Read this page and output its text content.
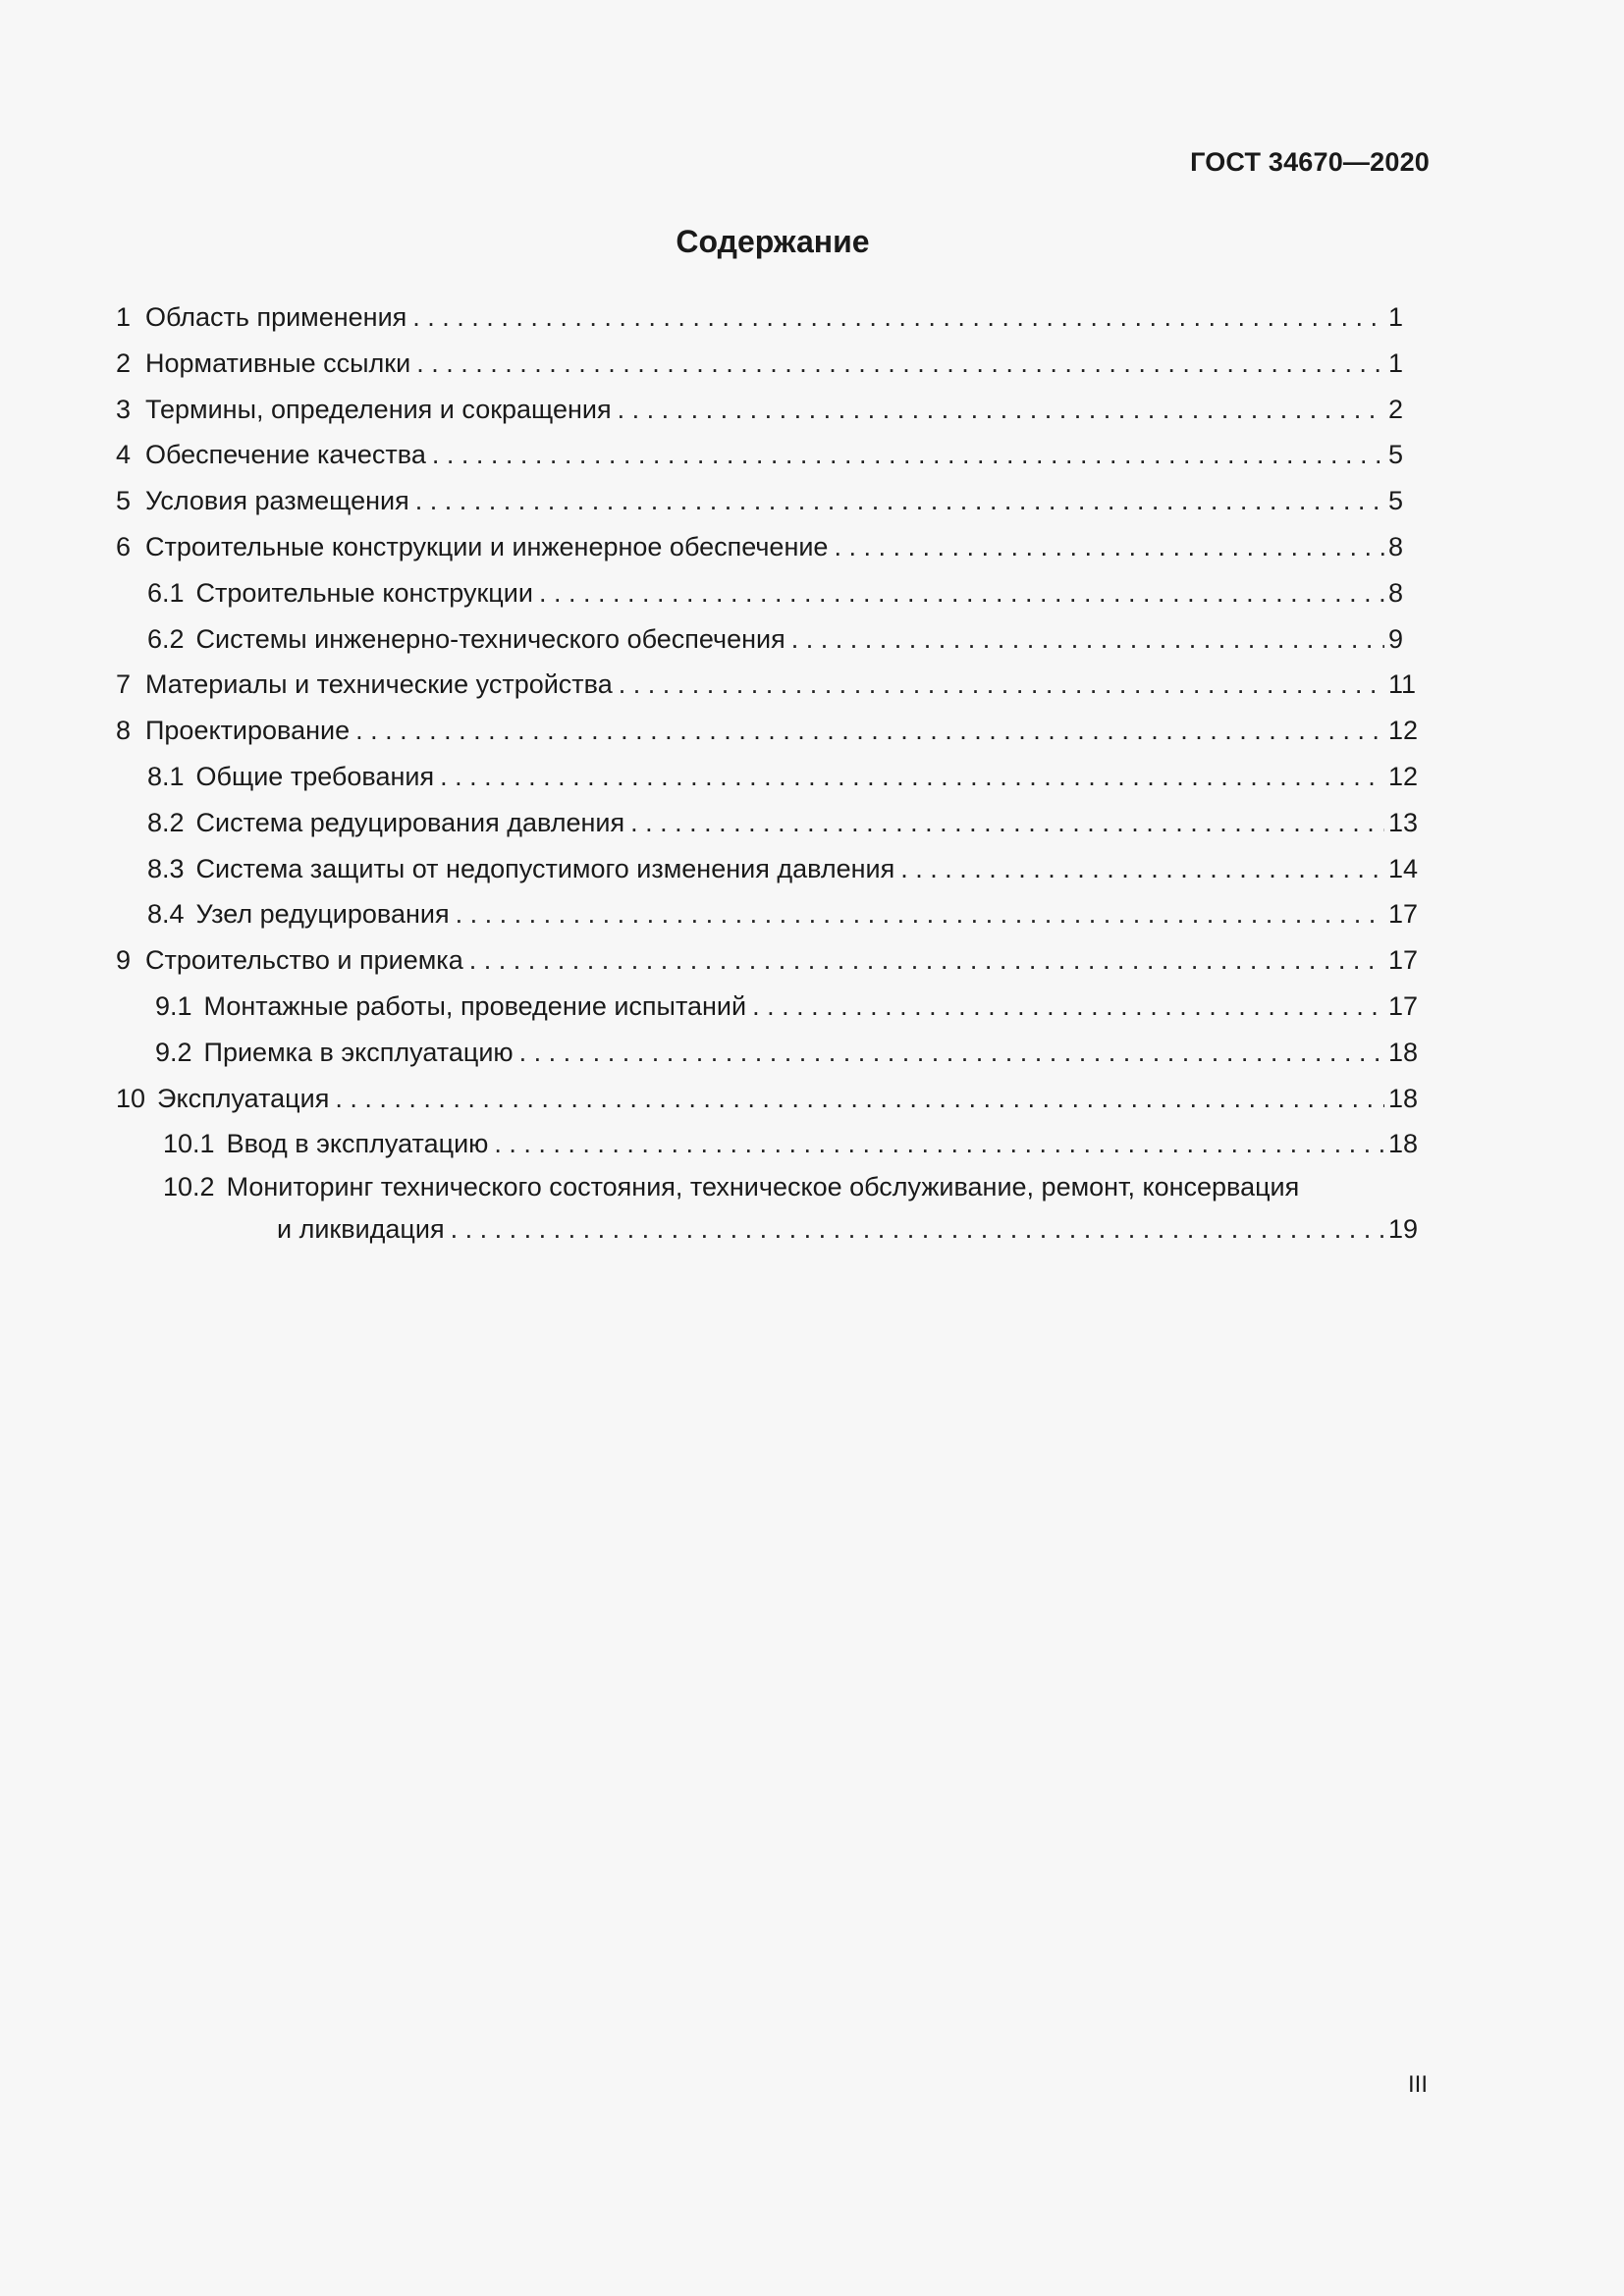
ГОСТ 34670—2020
Содержание
1 Область применения . . .	1
2 Нормативные ссылки . . .	1
3 Термины, определения и сокращения . . .	2
4 Обеспечение качества . . .	5
5 Условия размещения . . .	5
6 Строительные конструкции и инженерное обеспечение . . .	8
6.1 Строительные конструкции . . .	8
6.2 Системы инженерно-технического обеспечения . . .	9
7 Материалы и технические устройства . . .	11
8 Проектирование . . .	12
8.1 Общие требования . . .	12
8.2 Система редуцирования давления . . .	13
8.3 Система защиты от недопустимого изменения давления . . .	14
8.4 Узел редуцирования . . .	17
9 Строительство и приемка . . .	17
9.1 Монтажные работы, проведение испытаний . . .	17
9.2 Приемка в эксплуатацию . . .	18
10 Эксплуатация . . .	18
10.1 Ввод в эксплуатацию . . .	18
10.2 Мониторинг технического состояния, техническое обслуживание, ремонт, консервация
и ликвидация . . .	19
III
